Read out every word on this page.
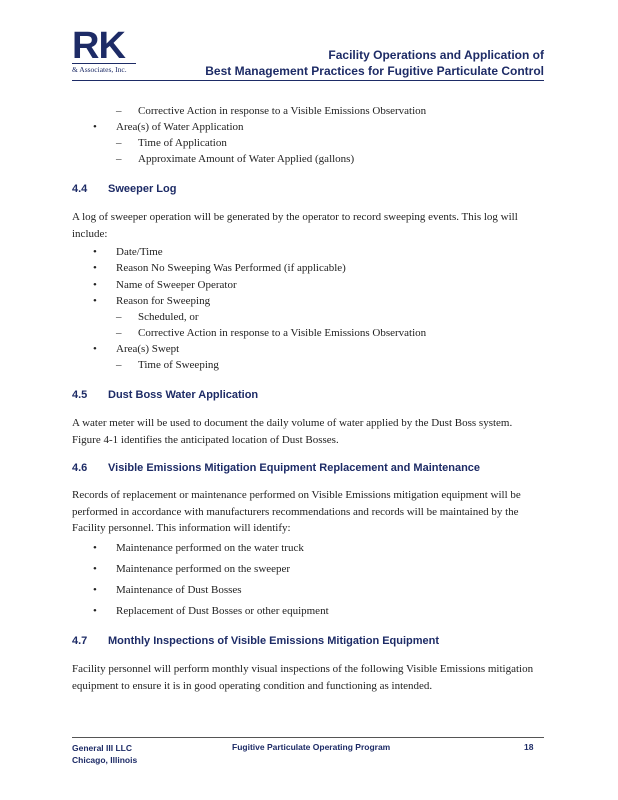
RK
& Associates, Inc.
Facility Operations and Application of
Best Management Practices for Fugitive Particulate Control
– Corrective Action in response to a Visible Emissions Observation
• Area(s) of Water Application
– Time of Application
– Approximate Amount of Water Applied (gallons)
4.4 Sweeper Log
A log of sweeper operation will be generated by the operator to record sweeping events. This log will
include:
• Date/Time
• Reason No Sweeping Was Performed (if applicable)
• Name of Sweeper Operator
• Reason for Sweeping
– Scheduled, or
– Corrective Action in response to a Visible Emissions Observation
• Area(s) Swept
– Time of Sweeping
4.5 Dust Boss Water Application
A water meter will be used to document the daily volume of water applied by the Dust Boss system.
Figure 4-1 identifies the anticipated location of Dust Bosses.
4.6 Visible Emissions Mitigation Equipment Replacement and Maintenance
Records of replacement or maintenance performed on Visible Emissions mitigation equipment will be
performed in accordance with manufacturers recommendations and records will be maintained by the
Facility personnel. This information will identify:
• Maintenance performed on the water truck
• Maintenance performed on the sweeper
• Maintenance of Dust Bosses
• Replacement of Dust Bosses or other equipment
4.7 Monthly Inspections of Visible Emissions Mitigation Equipment
Facility personnel will perform monthly visual inspections of the following Visible Emissions mitigation
equipment to ensure it is in good operating condition and functioning as intended.
General III LLC
Chicago, Illinois
Fugitive Particulate Operating Program	18
